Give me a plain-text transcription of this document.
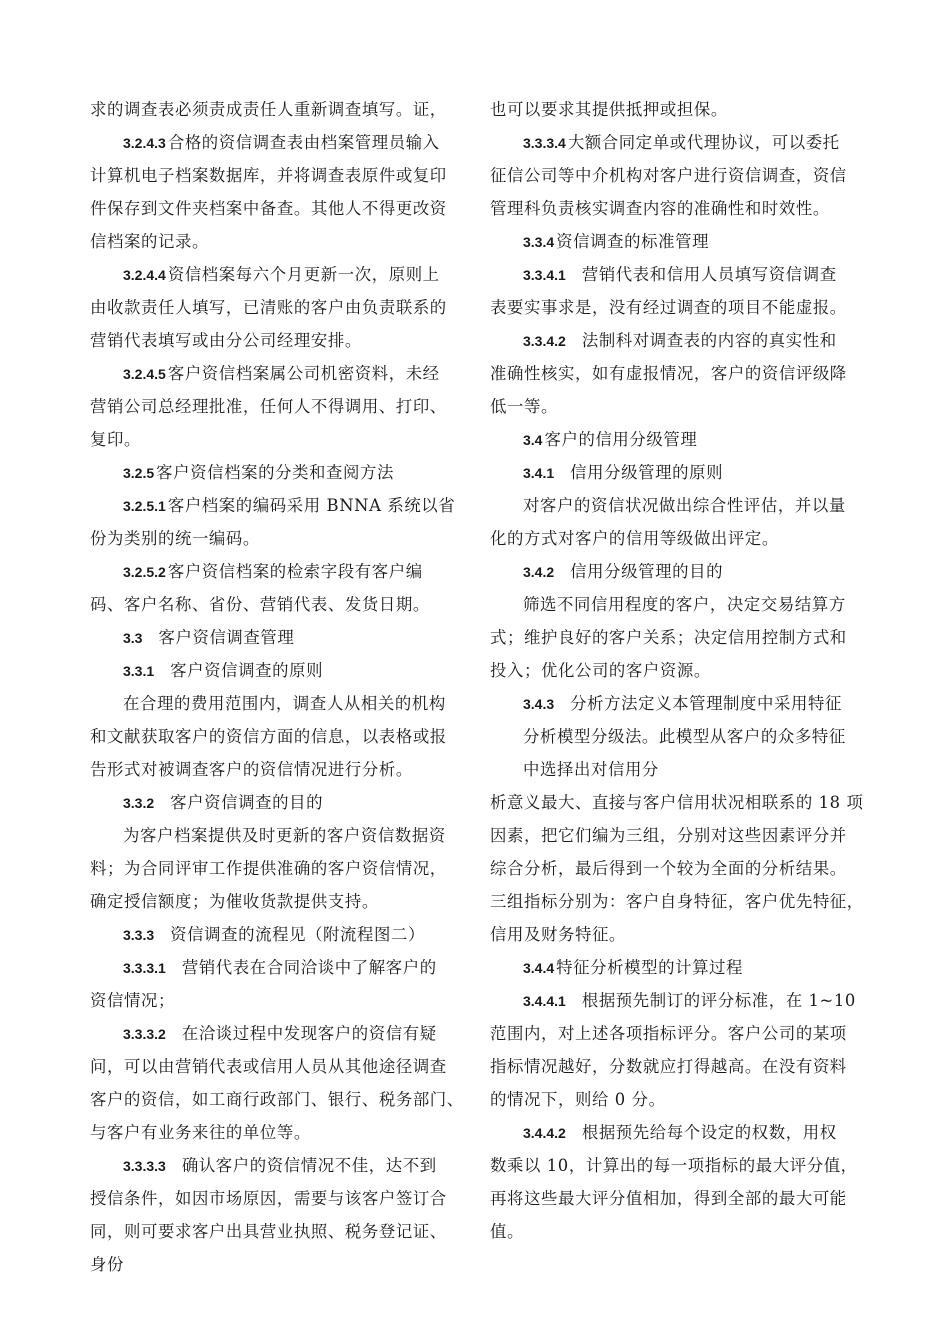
求的调查表必须责成责任人重新调查填写。证，
3.2.4.3 合格的资信调查表由档案管理员输入
计算机电子档案数据库，并将调查表原件或复印
件保存到文件夹档案中备查。其他人不得更改资
信档案的记录。
3.2.4.4 资信档案每六个月更新一次，原则上
由收款责任人填写，已清账的客户由负责联系的
营销代表填写或由分公司经理安排。
3.2.4.5 客户资信档案属公司机密资料，未经
营销公司总经理批准，任何人不得调用、打印、
复印。
3.2.5 客户资信档案的分类和查阅方法
3.2.5.1 客户档案的编码采用 BNNA 系统以省
份为类别的统一编码。
3.2.5.2 客户资信档案的检索字段有客户编
码、客户名称、省份、营销代表、发货日期。
3.3 客户资信调查管理
3.3.1 客户资信调查的原则
在合理的费用范围内，调查人从相关的机构
和文献获取客户的资信方面的信息，以表格或报
告形式对被调查客户的资信情况进行分析。
3.3.2 客户资信调查的目的
为客户档案提供及时更新的客户资信数据资
料；为合同评审工作提供准确的客户资信情况，
确定授信额度；为催收货款提供支持。
3.3.3 资信调查的流程见（附流程图二）
3.3.3.1 营销代表在合同洽谈中了解客户的
资信情况；
3.3.3.2 在洽谈过程中发现客户的资信有疑
问，可以由营销代表或信用人员从其他途径调查
客户的资信，如工商行政部门、银行、税务部门、
与客户有业务来往的单位等。
3.3.3.3 确认客户的资信情况不佳，达不到
授信条件，如因市场原因，需要与该客户签订合
同，则可要求客户出具营业执照、税务登记证、
身份
也可以要求其提供抵押或担保。
3.3.3.4 大额合同定单或代理协议，可以委托
征信公司等中介机构对客户进行资信调查，资信
管理科负责核实调查内容的准确性和时效性。
3.3.4 资信调查的标准管理
3.3.4.1 营销代表和信用人员填写资信调查
表要实事求是，没有经过调查的项目不能虚报。
3.3.4.2 法制科对调查表的内容的真实性和
准确性核实，如有虚报情况，客户的资信评级降
低一等。
3.4 客户的信用分级管理
3.4.1 信用分级管理的原则
对客户的资信状况做出综合性评估，并以量
化的方式对客户的信用等级做出评定。
3.4.2 信用分级管理的目的
筛选不同信用程度的客户，决定交易结算方
式；维护良好的客户关系；决定信用控制方式和
投入；优化公司的客户资源。
3.4.3 分析方法定义本管理制度中采用特征
分析模型分级法。此模型从客户的众多特征
中选择出对信用分
析意义最大、直接与客户信用状况相联系的 18 项
因素，把它们编为三组，分别对这些因素评分并
综合分析，最后得到一个较为全面的分析结果。
三组指标分别为：客户自身特征，客户优先特征，
信用及财务特征。
3.4.4 特征分析模型的计算过程
3.4.4.1 根据预先制订的评分标准，在 1~10
范围内，对上述各项指标评分。客户公司的某项
指标情况越好，分数就应打得越高。在没有资料
的情况下，则给 0 分。
3.4.4.2 根据预先给每个设定的权数，用权
数乘以 10，计算出的每一项指标的最大评分值，
再将这些最大评分值相加，得到全部的最大可能
值。
